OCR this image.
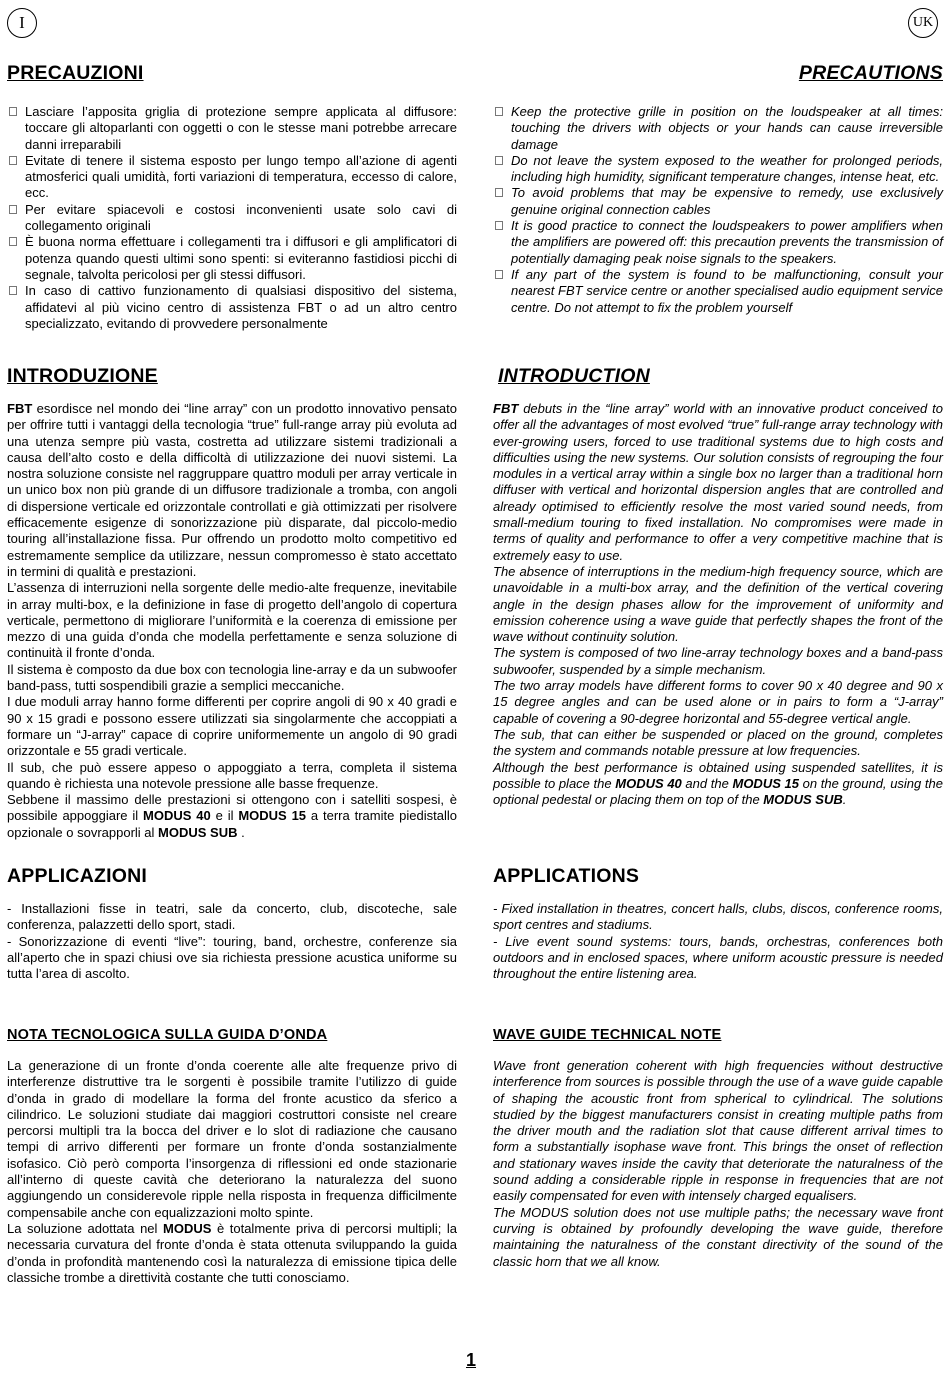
I	UK
PRECAUZIONI

Lasciare l’apposita griglia di protezione sempre applicata al diffusore: toccare gli altoparlanti con oggetti o con le stesse mani potrebbe arrecare danni irreparabili

Evitate di tenere il sistema esposto per lungo tempo all’azione di agenti atmosferici quali umidità, forti variazioni di temperatura, eccesso di calore, ecc.

Per evitare spiacevoli e costosi inconvenienti usate solo cavi di collegamento originali

È buona norma effettuare i collegamenti tra i diffusori e gli amplificatori di potenza quando questi ultimi sono spenti: si eviteranno fastidiosi picchi di segnale, talvolta pericolosi per gli stessi diffusori.

In caso di cattivo funzionamento di qualsiasi dispositivo del sistema, affidatevi al più vicino centro di assistenza FBT o ad un altro centro specializzato, evitando di provvedere personalmente

INTRODUZIONE

FBT esordisce nel mondo dei “line array” con un prodotto innovativo pensato per offrire tutti i vantaggi della tecnologia “true” full-range array più evoluta ad una utenza sempre più vasta, costretta ad utilizzare sistemi tradizionali a causa dell’alto costo e della difficoltà di utilizzazione dei nuovi sistemi. La nostra soluzione consiste nel raggruppare quattro moduli per array verticale in un unico box non più grande di un diffusore tradizionale a tromba, con angoli di dispersione verticale ed orizzontale controllati e già ottimizzati per risolvere efficacemente esigenze di sonorizzazione più disparate, dal piccolo-medio touring all’installazione fissa. Pur offrendo un prodotto molto competitivo ed estremamente semplice da utilizzare, nessun compromesso è stato accettato in termini di qualità e prestazioni.

L’assenza di interruzioni nella sorgente delle medio-alte frequenze, inevitabile in array multi-box, e la definizione in fase di progetto dell’angolo di copertura verticale, permettono di migliorare l’uniformità e la coerenza di emissione per mezzo di una guida d’onda che modella perfettamente e senza soluzione di continuità il fronte d’onda.

Il sistema è composto da due box con tecnologia line-array e da un subwoofer band-pass, tutti sospendibili grazie a semplici meccaniche.

I due moduli array hanno forme differenti per coprire angoli di 90 x 40 gradi e 90 x 15 gradi e possono essere utilizzati sia singolarmente che accoppiati a formare un “J-array” capace di coprire uniformemente un angolo di 90 gradi orizzontale e 55 gradi verticale.

Il sub, che può essere appeso o appoggiato a terra, completa il sistema quando è richiesta una notevole pressione alle basse frequenze.

Sebbene il massimo delle prestazioni si ottengono con i satelliti sospesi, è possibile appoggiare il MODUS 40 e il MODUS 15 a terra tramite piedistallo opzionale o sovrapporli al MODUS SUB .

APPLICAZIONI

- Installazioni fisse in teatri, sale da concerto, club, discoteche, sale conferenza, palazzetti dello sport, stadi.

- Sonorizzazione di eventi “live”: touring, band, orchestre, conferenze sia all’aperto che in spazi chiusi ove sia richiesta pressione acustica uniforme su tutta l’area di ascolto.

NOTA TECNOLOGICA SULLA GUIDA D’ONDA

La generazione di un fronte d’onda coerente alle alte frequenze privo di interferenze distruttive tra le sorgenti è possibile tramite l’utilizzo di guide d’onda in grado di modellare la forma del fronte acustico da sferico a cilindrico. Le soluzioni studiate dai maggiori costruttori consiste nel creare percorsi multipli tra la bocca del driver e lo slot di radiazione che causano tempi di arrivo differenti per formare un fronte d’onda sostanzialmente isofasico. Ciò però comporta l’insorgenza di riflessioni ed onde stazionarie all’interno di queste cavità che deteriorano la naturalezza del suono aggiungendo un considerevole ripple nella risposta in frequenza difficilmente compensabile anche con equalizzazioni molto spinte.

La soluzione adottata nel MODUS è totalmente priva di percorsi multipli; la necessaria curvatura del fronte d’onda è stata ottenuta sviluppando la guida d’onda in profondità mantenendo così la naturalezza di emissione tipica delle classiche trombe a direttività costante che tutti conosciamo.

PRECAUTIONS

Keep the protective grille in position on the loudspeaker at all times: touching the drivers with objects or your hands can cause irreversible damage

Do not leave the system exposed to the weather for prolonged periods, including high humidity, significant temperature changes, intense heat, etc.

To avoid problems that may be expensive to remedy, use exclusively genuine original connection cables

It is good practice to connect the loudspeakers to power amplifiers when the amplifiers are powered off: this precaution prevents the transmission of potentially damaging peak noise signals to the speakers.

If any part of the system is found to be malfunctioning, consult your nearest FBT service centre or another specialised audio equipment service centre. Do not attempt to fix the problem yourself

INTRODUCTION

FBT debuts in the “line array” world with an innovative product conceived to offer all the advantages of most evolved “true” full-range array technology with ever-growing users, forced to use traditional systems due to high costs and difficulties using the new systems. Our solution consists of regrouping the four modules in a vertical array within a single box no larger than a traditional horn diffuser with vertical and horizontal dispersion angles that are controlled and already optimised to efficiently resolve the most varied sound needs, from small-medium touring to fixed installation. No compromises were made in terms of quality and performance to offer a very competitive machine that is extremely easy to use.

The absence of interruptions in the medium-high frequency source, which are unavoidable in a multi-box array, and the definition of the vertical covering angle in the design phases allow for the improvement of uniformity and emission coherence using a wave guide that perfectly shapes the front of the wave without continuity solution.

The system is composed of two line-array technology boxes and a band-pass subwoofer, suspended by a simple mechanism.

The two array models have different forms to cover 90 x 40 degree and 90 x 15 degree angles and can be used alone or in pairs to form a “J-array” capable of covering a 90-degree horizontal and 55-degree vertical angle.

The sub, that can either be suspended or placed on the ground, completes the system and commands notable pressure at low frequencies.

Although the best performance is obtained using suspended satellites, it is possible to place the MODUS 40 and the MODUS 15 on the ground, using the optional pedestal or placing them on top of the MODUS SUB.

APPLICATIONS

- Fixed installation in theatres, concert halls, clubs, discos, conference rooms, sport centres and stadiums.

- Live event sound systems: tours, bands, orchestras, conferences both outdoors and in enclosed spaces, where uniform acoustic pressure is needed throughout the entire listening area.

WAVE GUIDE TECHNICAL NOTE

Wave front generation coherent with high frequencies without destructive interference from sources is possible through the use of a wave guide capable of shaping the acoustic front from spherical to cylindrical. The solutions studied by the biggest manufacturers consist in creating multiple paths from the driver mouth and the radiation slot that cause different arrival times to form a substantially isophase wave front. This brings the onset of reflection and stationary waves inside the cavity that deteriorate the naturalness of the sound adding a considerable ripple in response in frequencies that are not easily compensated for even with intensely charged equalisers.

The MODUS solution does not use multiple paths; the necessary wave front curving is obtained by profoundly developing the wave guide, therefore maintaining the naturalness of the constant directivity of the sound of the classic horn that we all know.

1
